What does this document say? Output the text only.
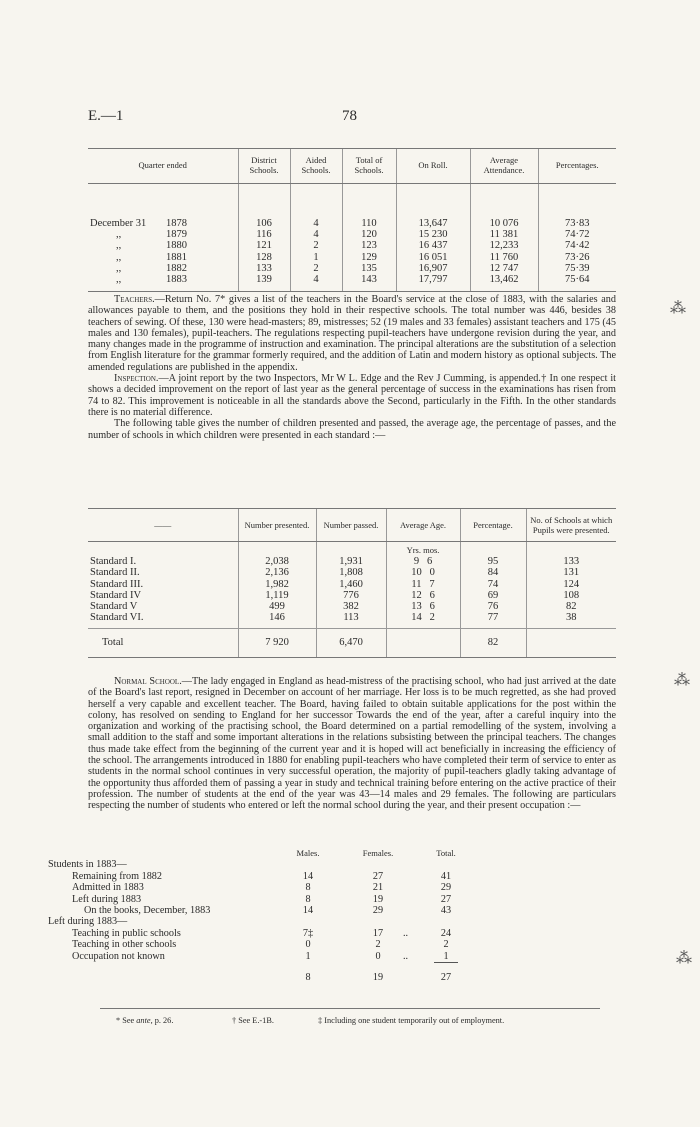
E.—1	78
Quarter ended	District Schools.	Aided Schools.	Total of Schools.	On Roll.	Average Attendance.	Percentages.
December 31 1878	106	4	110	13,647	10 076	73·83
,, 1879	116	4	120	15 230	11 381	74·72
,, 1880	121	2	123	16 437	12,233	74·42
,, 1881	128	1	129	16 051	11 760	73·26
,, 1882	133	2	135	16,907	12 747	75·39
,, 1883	139	4	143	17,797	13,462	75·64

Teachers.—Return No. 7* gives a list of the teachers in the Board's service at the close of 1883, with the salaries and allowances payable to them, and the positions they hold in their respective schools. The total number was 446, besides 38 teachers of sewing. Of these, 130 were head-masters; 89, mistresses; 52 (19 males and 33 females) assistant teachers and 175 (45 males and 130 females), pupil-teachers. The regulations respecting pupil-teachers have undergone revision during the year, and many changes made in the programme of instruction and examination. The principal alterations are the substitution of a selection from English literature for the grammar formerly required, and the addition of Latin and modern history as optional subjects. The amended regulations are published in the appendix.

Inspection.—A joint report by the two Inspectors, Mr W L. Edge and the Rev J Cumming, is appended.† In one respect it shows a decided improvement on the report of last year as the general percentage of success in the examinations has risen from 74 to 82. This improvement is noticeable in all the standards above the Second, particularly in the Fifth. In the other standards there is no material difference.

The following table gives the number of children presented and passed, the average age, the percentage of passes, and the number of schools in which children were presented in each standard :—

——	Number presented.	Number passed.	Average Age.	Percentage.	No. of Schools at which Pupils were presented.
			Yrs. mos.		
Standard I.	2,038	1,931	9 6	95	133
Standard II.	2,136	1,808	10 0	84	131
Standard III.	1,982	1,460	11 7	74	124
Standard IV	1,119	776	12 6	69	108
Standard V	499	382	13 6	76	82
Standard VI.	146	113	14 2	77	38
Total	7 920	6,470		82	

Normal School.—The lady engaged in England as head-mistress of the practising school, who had just arrived at the date of the Board's last report, resigned in December on account of her marriage. Her loss is to be much regretted, as she had proved herself a very capable and excellent teacher. The Board, having failed to obtain suitable applications for the post within the colony, has resolved on sending to England for her successor Towards the end of the year, after a careful inquiry into the organization and working of the practising school, the Board determined on a partial remodelling of the system, involving a small addition to the staff and some important alterations in the relations subsisting between the principal teachers. The changes thus made take effect from the beginning of the current year and it is hoped will act beneficially in increasing the efficiency of the school. The arrangements introduced in 1880 for enabling pupil-teachers who have completed their term of service to enter as students in the normal school continues in very successful operation, the majority of pupil-teachers gladly taking advantage of the opportunity thus afforded them of passing a year in study and technical training before entering on the active practice of their profession. The number of students at the end of the year was 43—14 males and 29 females. The following are particulars respecting the number of students who entered or left the normal school during the year, and their present occupation :—

Males.	Females.	Total.
Students in 1883—
Remaining from 1882	14	27	41
Admitted in 1883	8	21	29
Left during 1883	8	19	27
On the books, December, 1883	14	29	43
Left during 1883—
Teaching in public schools	7‡	17	..	24
Teaching in other schools	0	2	2
Occupation not known	1	0	..	1
8	19	27
* See ante, p. 26.	† See E.-1B.	‡ Including one student temporarily out of employment.
⁂
⁂
⁂
